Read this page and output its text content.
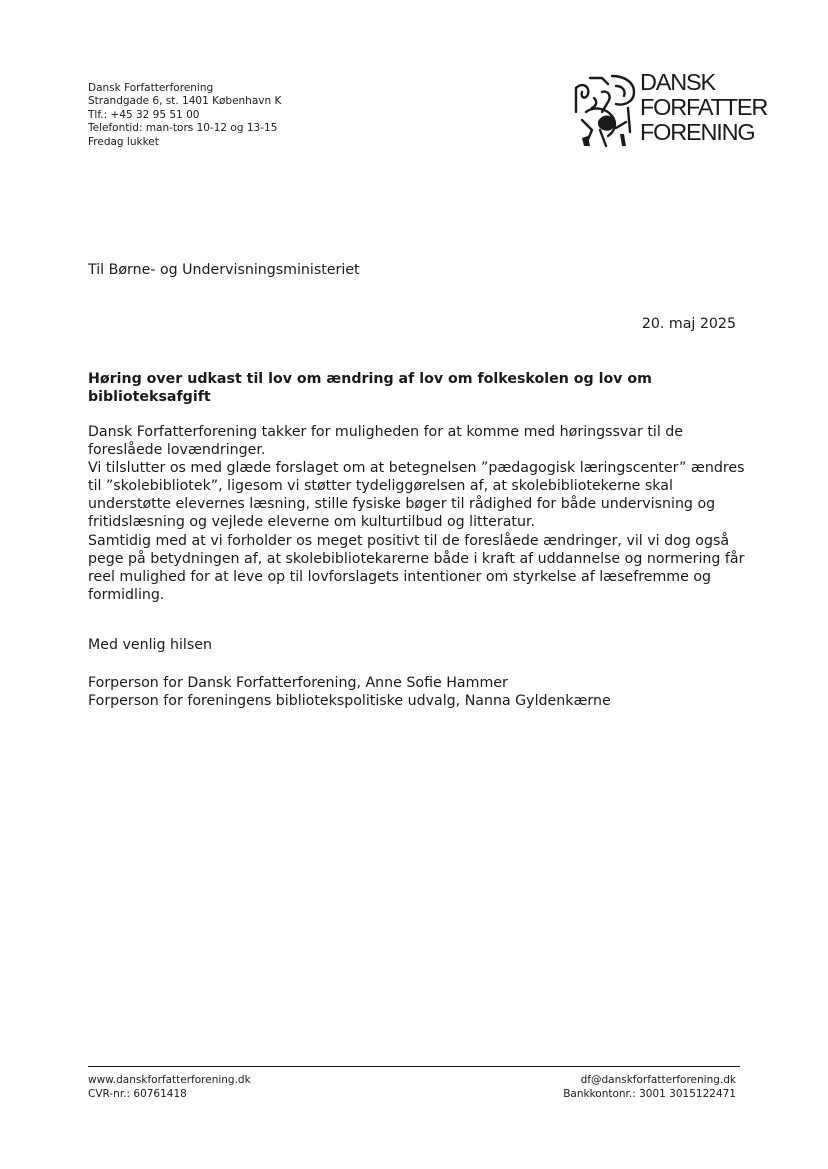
Dansk Forfatterforening
Strandgade 6, st. 1401 København K
Tlf.: +45 32 95 51 00
Telefontid: man-tors 10-12 og 13-15
Fredag lukket
DANSK
FORFATTER
FORENING
Til Børne- og Undervisningsministeriet
20. maj 2025
Høring over udkast til lov om ændring af lov om folkeskolen og lov om biblioteksafgift

Dansk Forfatterforening takker for muligheden for at komme med høringssvar til de foreslåede lovændringer.

Vi tilslutter os med glæde forslaget om at betegnelsen ”pædagogisk læringscenter” ændres til ”skolebibliotek”, ligesom vi støtter tydeliggørelsen af, at skolebibliotekerne skal understøtte elevernes læsning, stille fysiske bøger til rådighed for både undervisning og fritidslæsning og vejlede eleverne om kulturtilbud og litteratur.

Samtidig med at vi forholder os meget positivt til de foreslåede ændringer, vil vi dog også pege på betydningen af, at skolebibliotekarerne både i kraft af uddannelse og normering får reel mulighed for at leve op til lovforslagets intentioner om styrkelse af læsefremme og formidling.

Med venlig hilsen
Forperson for Dansk Forfatterforening, Anne Sofie Hammer
Forperson for foreningens bibliotekspolitiske udvalg, Nanna Gyldenkærne
www.danskforfatterforening.dk
CVR-nr.: 60761418
df@danskforfatterforening.dk
Bankkontonr.: 3001 3015122471
